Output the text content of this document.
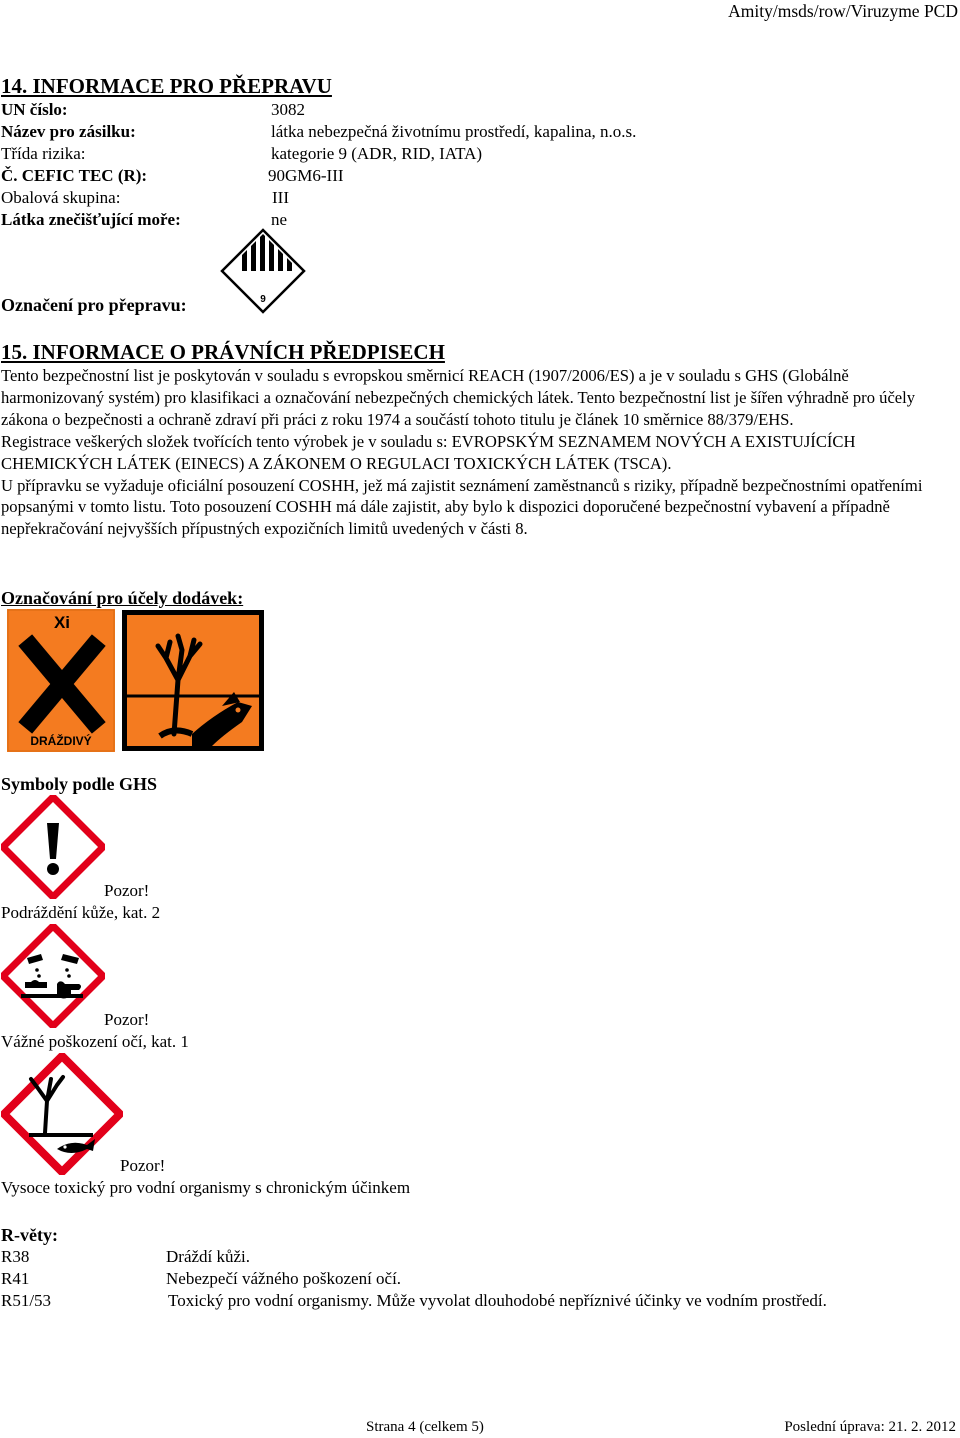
Amity/msds/row/Viruzyme PCD
14. INFORMACE PRO PŘEPRAVU
UN číslo:	3082
Název pro zásilku:	látka nebezpečná životnímu prostředí, kapalina, n.o.s.
Třída rizika:	kategorie 9 (ADR, RID, IATA)
Č. CEFIC TEC (R):	90GM6-III
Obalová skupina:	III
Látka znečišťující moře:	ne
9
Označení pro přepravu:
15. INFORMACE O PRÁVNÍCH PŘEDPISECH

Tento bezpečnostní list je poskytován v souladu s evropskou směrnicí REACH (1907/2006/ES) a je v souladu s GHS (Globálně harmonizovaný systém) pro klasifikaci a označování nebezpečných chemických látek. Tento bezpečnostní list je šířen výhradně pro účely zákona o bezpečnosti a ochraně zdraví při práci z roku 1974 a součástí tohoto titulu je článek 10 směrnice 88/379/EHS.

Registrace veškerých složek tvořících tento výrobek je v souladu s: EVROPSKÝM SEZNAMEM NOVÝCH A EXISTUJÍCÍCH CHEMICKÝCH LÁTEK (EINECS) A ZÁKONEM O REGULACI TOXICKÝCH LÁTEK (TSCA).

U přípravku se vyžaduje oficiální posouzení COSHH, jež má zajistit seznámení zaměstnanců s riziky, případně bezpečnostními opatřeními popsanými v tomto listu. Toto posouzení COSHH má dále zajistit, aby bylo k dispozici doporučené bezpečnostní vybavení a případně nepřekračování nejvyšších přípustných expozičních limitů uvedených v části 8.

Označování pro účely dodávek:
Xi
DRÁŽDIVÝ
Symboly podle GHS
Pozor!
Podráždění kůže, kat. 2
Pozor!
Vážné poškození očí, kat. 1
Pozor!
Vysoce toxický pro vodní organismy s chronickým účinkem
R-věty:
R38	Dráždí kůži.
R41	Nebezpečí vážného poškození očí.
R51/53	Toxický pro vodní organismy. Může vyvolat dlouhodobé nepříznivé účinky ve vodním prostředí.
Strana 4 (celkem 5)	Poslední úprava: 21. 2. 2012
